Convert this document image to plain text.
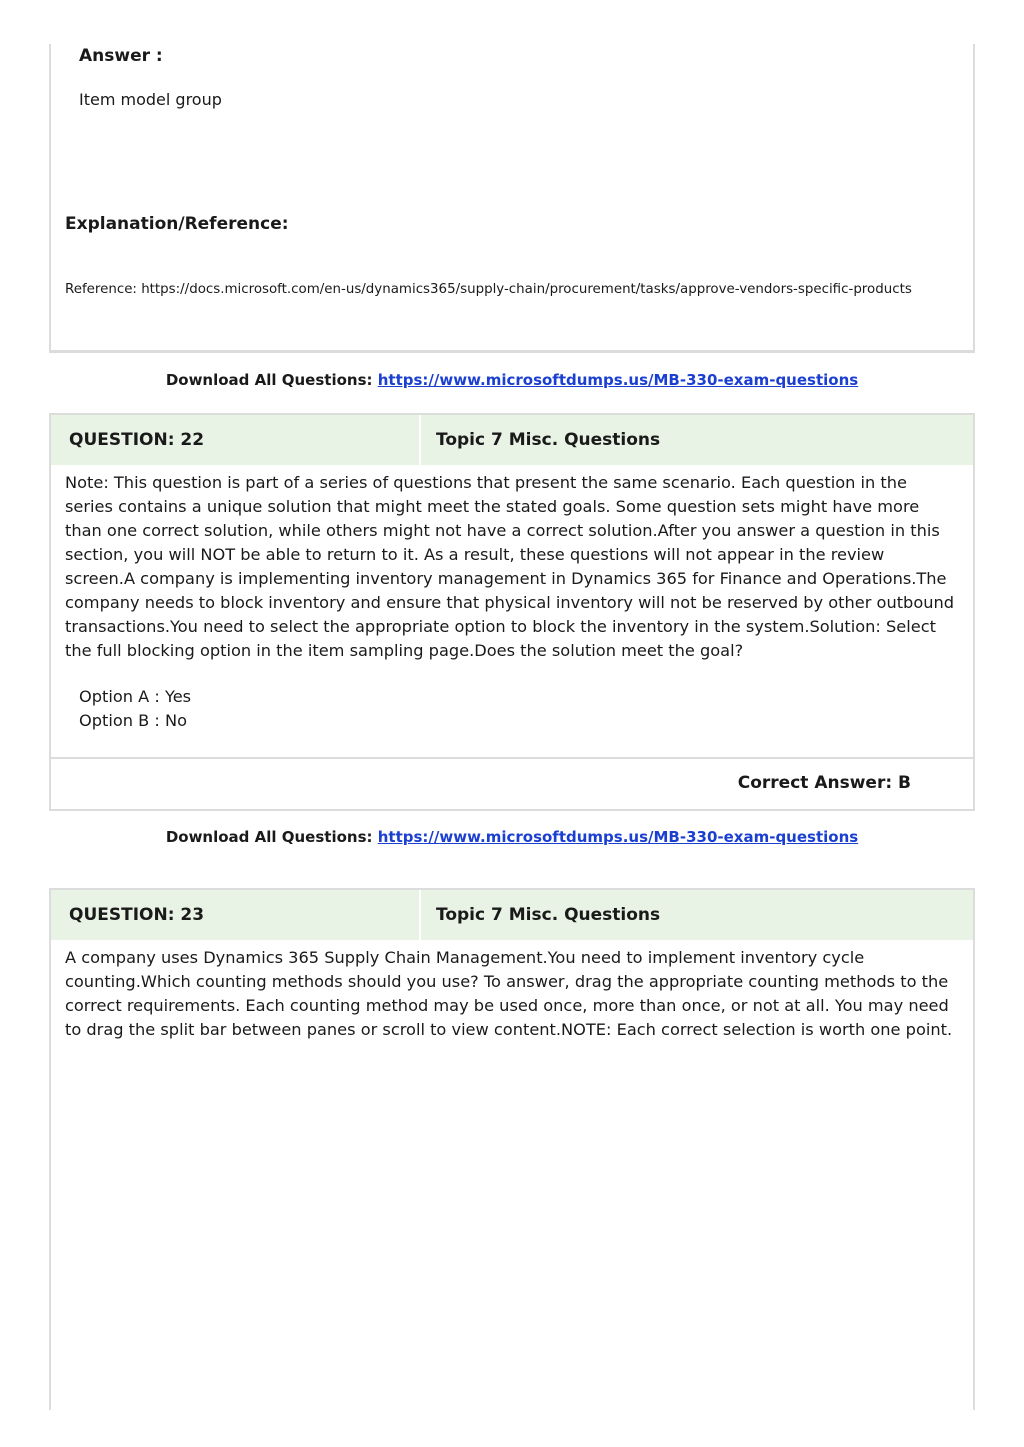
Answer :
Item model group
Explanation/Reference:
Reference: https://docs.microsoft.com/en-us/dynamics365/supply-chain/procurement/tasks/approve-vendors-specific-products
Download All Questions: https://www.microsoftdumps.us/MB-330-exam-questions
QUESTION: 22	Topic 7 Misc. Questions
Note: This question is part of a series of questions that present the same scenario. Each question in the
series contains a unique solution that might meet the stated goals. Some question sets might have more
than one correct solution, while others might not have a correct solution.After you answer a question in this
section, you will NOT be able to return to it. As a result, these questions will not appear in the review
screen.A company is implementing inventory management in Dynamics 365 for Finance and Operations.The
company needs to block inventory and ensure that physical inventory will not be reserved by other outbound
transactions.You need to select the appropriate option to block the inventory in the system.Solution: Select
the full blocking option in the item sampling page.Does the solution meet the goal?
Option A : Yes
Option B : No
Correct Answer: B
Download All Questions: https://www.microsoftdumps.us/MB-330-exam-questions
QUESTION: 23	Topic 7 Misc. Questions
A company uses Dynamics 365 Supply Chain Management.You need to implement inventory cycle
counting.Which counting methods should you use? To answer, drag the appropriate counting methods to the
correct requirements. Each counting method may be used once, more than once, or not at all. You may need
to drag the split bar between panes or scroll to view content.NOTE: Each correct selection is worth one point.
